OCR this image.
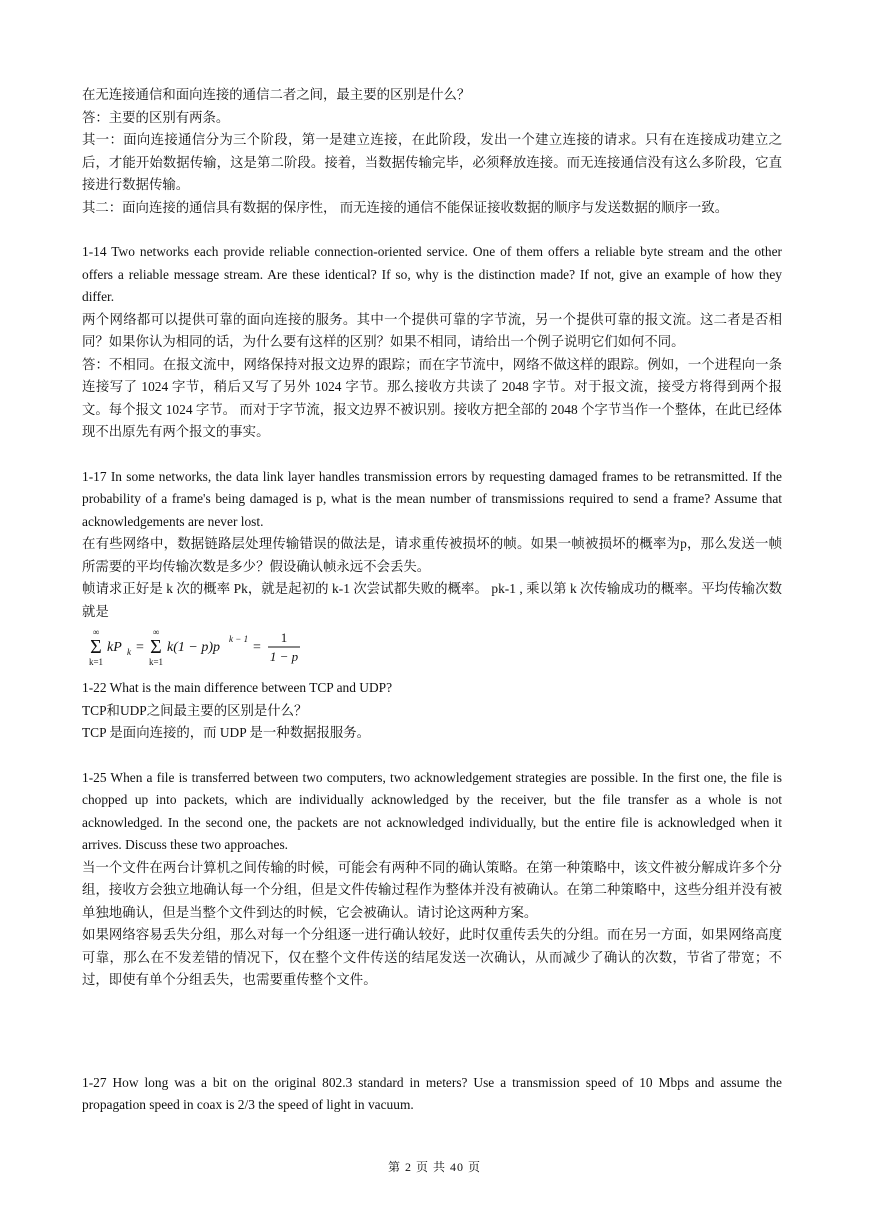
在无连接通信和面向连接的通信二者之间，最主要的区别是什么？

答：主要的区别有两条。

其一：面向连接通信分为三个阶段，第一是建立连接，在此阶段，发出一个建立连接的请求。只有在连接成功建立之后，才能开始数据传输，这是第二阶段。接着，当数据传输完毕，必须释放连接。而无连接通信没有这么多阶段，它直接进行数据传输。

其二：面向连接的通信具有数据的保序性， 而无连接的通信不能保证接收数据的顺序与发送数据的顺序一致。

1-14 Two networks each provide reliable connection-oriented service. One of them offers a reliable byte stream and the other offers a reliable message stream. Are these identical? If so, why is the distinction made? If not, give an example of how they differ.

两个网络都可以提供可靠的面向连接的服务。其中一个提供可靠的字节流，另一个提供可靠的报文流。这二者是否相同？如果你认为相同的话，为什么要有这样的区别？如果不相同，请给出一个例子说明它们如何不同。

答：不相同。在报文流中，网络保持对报文边界的跟踪；而在字节流中，网络不做这样的跟踪。例如，一个进程向一条连接写了 1024 字节，稍后又写了另外 1024 字节。那么接收方共读了 2048 字节。对于报文流，接受方将得到两个报文。每个报文 1024 字节。 而对于字节流，报文边界不被识别。接收方把全部的 2048 个字节当作一个整体，在此已经体现不出原先有两个报文的事实。

1-17 In some networks, the data link layer handles transmission errors by requesting damaged frames to be retransmitted. If the probability of a frame's being damaged is p, what is the mean number of transmissions required to send a frame? Assume that acknowledgements are never lost.

在有些网络中，数据链路层处理传输错误的做法是，请求重传被损坏的帧。如果一帧被损坏的概率为p，那么发送一帧所需要的平均传输次数是多少？假设确认帧永远不会丢失。

帧请求正好是 k 次的概率 Pk，就是起初的 k-1 次尝试都失败的概率。 pk-1 , 乘以第 k 次传输成功的概率。平均传输次数就是

∞
Σ
k=1
kP k =
∞
Σ
k=1
k(1 − p)p
k − 1
=
1
1 − p

1-22 What is the main difference between TCP and UDP?

TCP和UDP之间最主要的区别是什么？

TCP 是面向连接的，而 UDP 是一种数据报服务。

1-25 When a file is transferred between two computers, two acknowledgement strategies are possible. In the first one, the file is chopped up into packets, which are individually acknowledged by the receiver, but the file transfer as a whole is not acknowledged. In the second one, the packets are not acknowledged individually, but the entire file is acknowledged when it arrives. Discuss these two approaches.

当一个文件在两台计算机之间传输的时候，可能会有两种不同的确认策略。在第一种策略中，该文件被分解成许多个分组，接收方会独立地确认每一个分组，但是文件传输过程作为整体并没有被确认。在第二种策略中，这些分组并没有被单独地确认，但是当整个文件到达的时候，它会被确认。请讨论这两种方案。

如果网络容易丢失分组，那么对每一个分组逐一进行确认较好，此时仅重传丢失的分组。而在另一方面，如果网络高度可靠，那么在不发差错的情况下，仅在整个文件传送的结尾发送一次确认，从而减少了确认的次数，节省了带宽；不过，即使有单个分组丢失，也需要重传整个文件。

1-27 How long was a bit on the original 802.3 standard in meters? Use a transmission speed of 10 Mbps and assume the propagation speed in coax is 2/3 the speed of light in vacuum.

第 2 页 共 40 页
